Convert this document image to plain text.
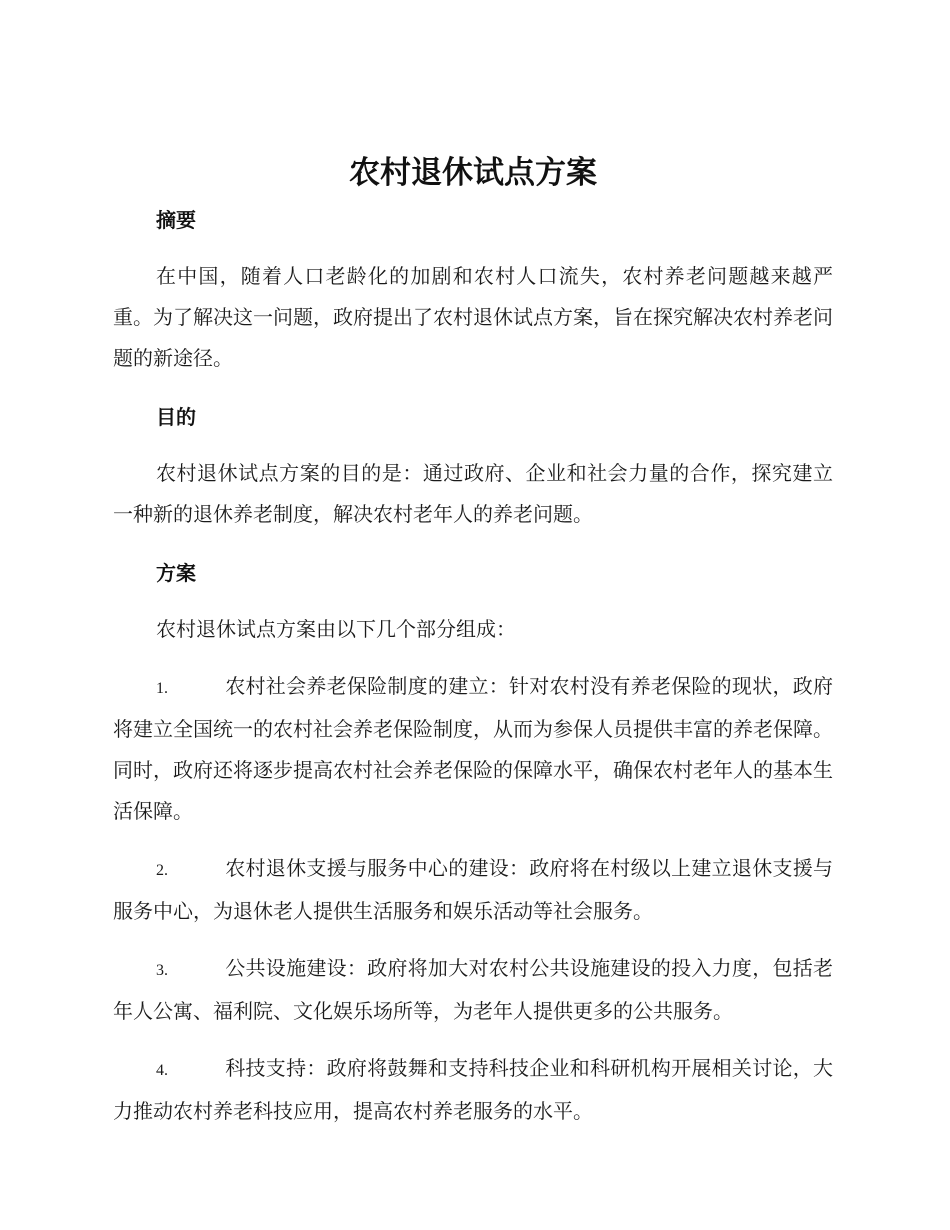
农村退休试点方案
摘要

在中国，随着人口老龄化的加剧和农村人口流失，农村养老问题越来越严重。为了解决这一问题，政府提出了农村退休试点方案，旨在探究解决农村养老问题的新途径。

目的

农村退休试点方案的目的是：通过政府、企业和社会力量的合作，探究建立一种新的退休养老制度，解决农村老年人的养老问题。

方案

农村退休试点方案由以下几个部分组成：

1.	农村社会养老保险制度的建立：针对农村没有养老保险的现状，政府将建立全国统一的农村社会养老保险制度，从而为参保人员提供丰富的养老保障。同时，政府还将逐步提高农村社会养老保险的保障水平，确保农村老年人的基本生活保障。

2.	农村退休支援与服务中心的建设：政府将在村级以上建立退休支援与服务中心，为退休老人提供生活服务和娱乐活动等社会服务。

3.	公共设施建设：政府将加大对农村公共设施建设的投入力度，包括老年人公寓、福利院、文化娱乐场所等，为老年人提供更多的公共服务。

4.	科技支持：政府将鼓舞和支持科技企业和科研机构开展相关讨论，大力推动农村养老科技应用，提高农村养老服务的水平。
